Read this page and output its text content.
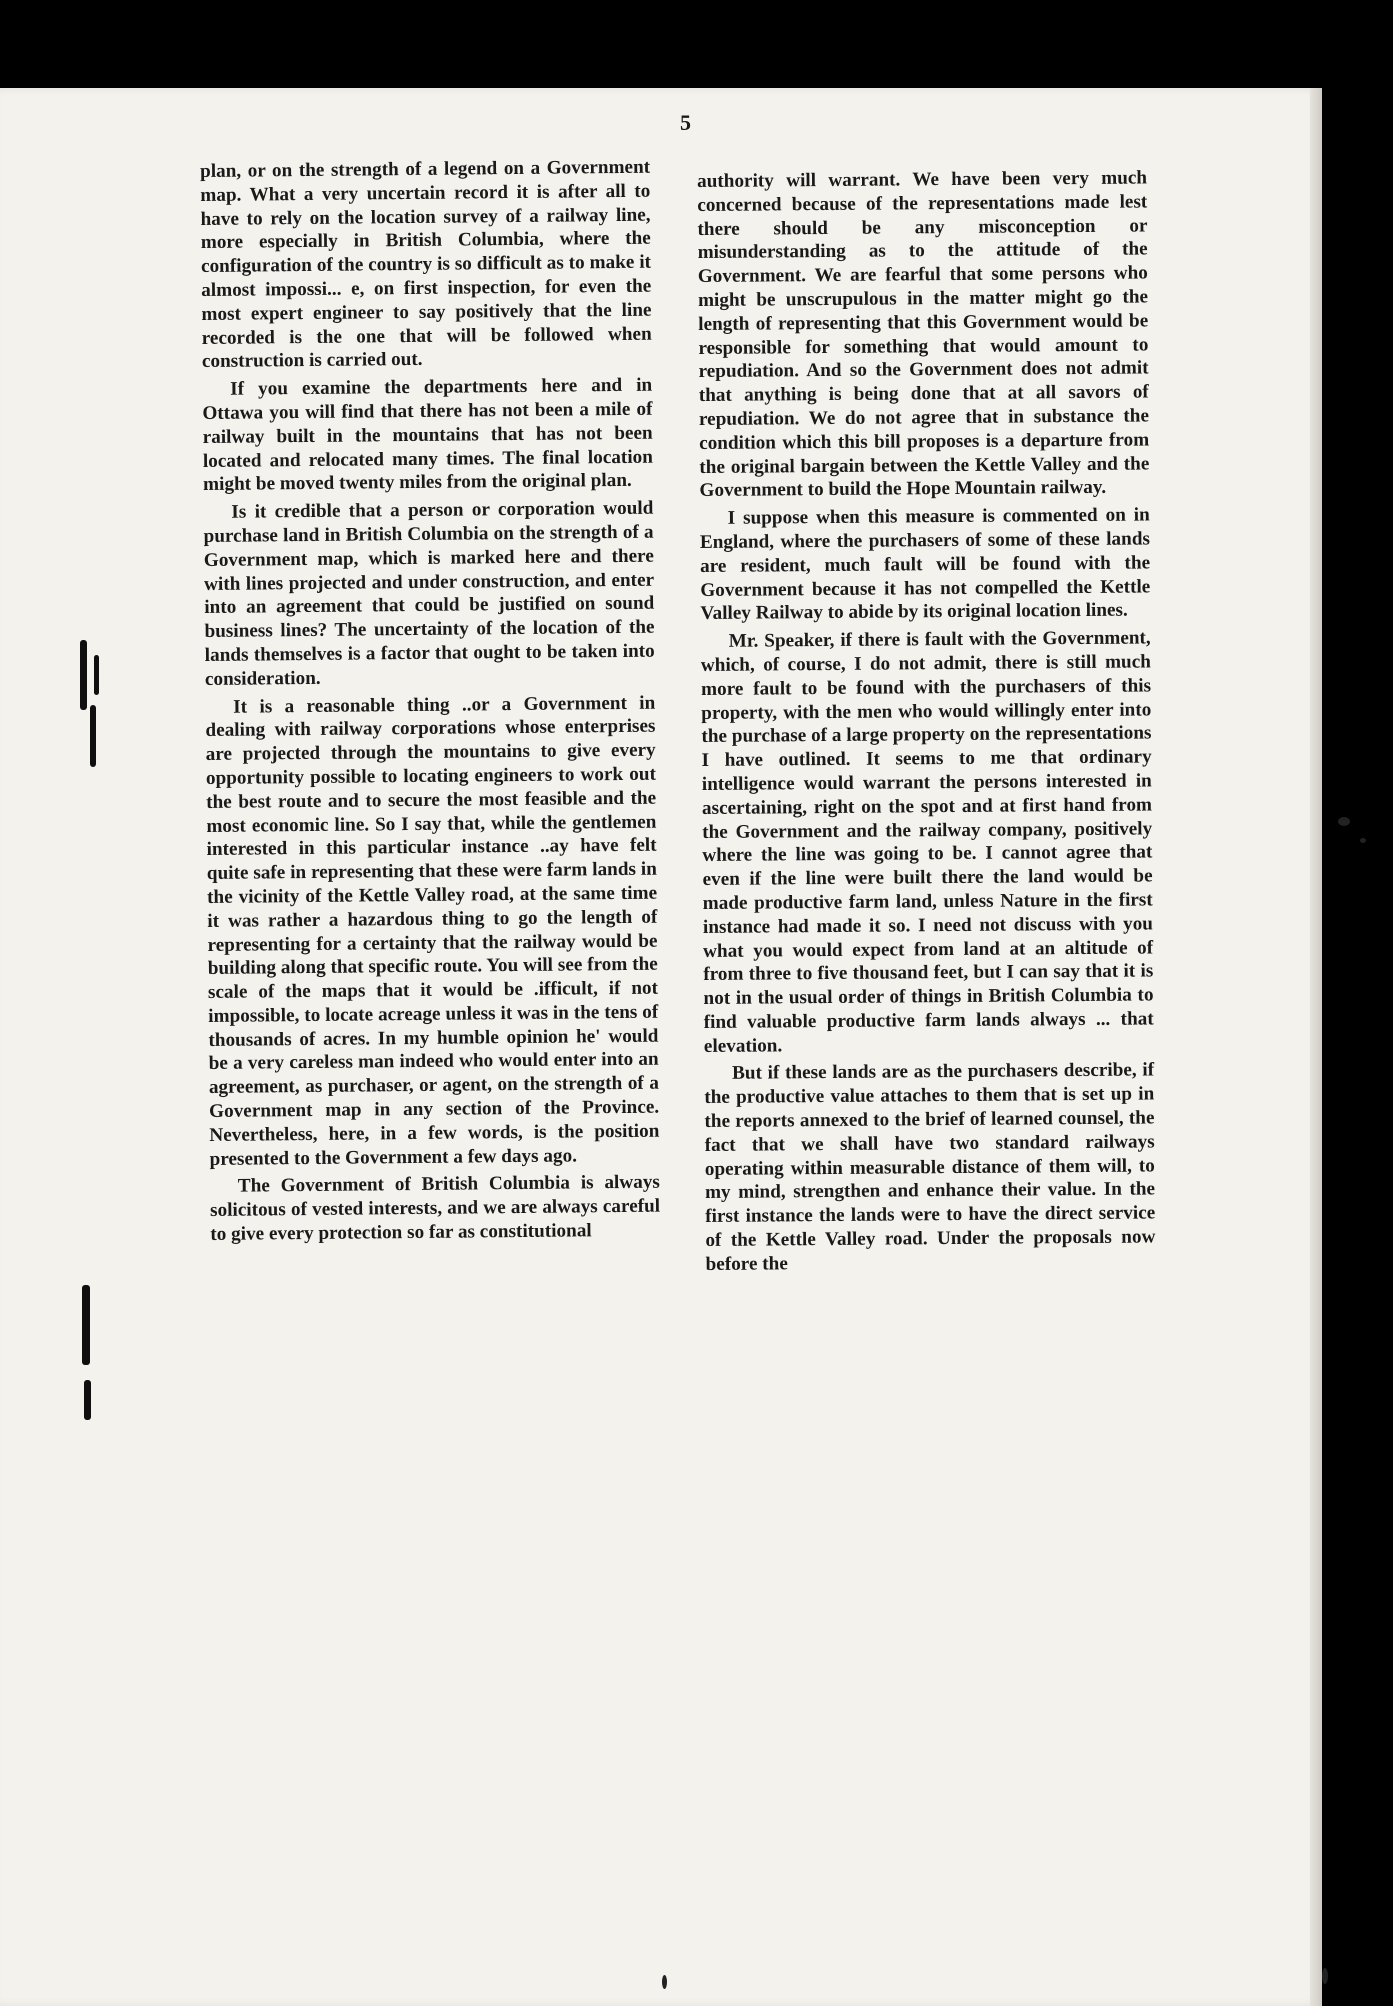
5

plan, or on the strength of a legend on a Government map. What a very uncertain record it is after all to have to rely on the location survey of a railway line, more especially in British Columbia, where the configuration of the country is so difficult as to make it almost impossi... e, on first inspection, for even the most expert engineer to say positively that the line recorded is the one that will be followed when construction is carried out.

If you examine the departments here and in Ottawa you will find that there has not been a mile of railway built in the mountains that has not been located and relocated many times. The final location might be moved twenty miles from the original plan.

Is it credible that a person or corporation would purchase land in British Columbia on the strength of a Government map, which is marked here and there with lines projected and under construction, and enter into an agreement that could be justified on sound business lines? The uncertainty of the location of the lands themselves is a factor that ought to be taken into consideration.

It is a reasonable thing ..or a Government in dealing with railway corporations whose enterprises are projected through the mountains to give every opportunity possible to locating engineers to work out the best route and to secure the most feasible and the most economic line. So I say that, while the gentlemen interested in this particular instance ..ay have felt quite safe in representing that these were farm lands in the vicinity of the Kettle Valley road, at the same time it was rather a hazardous thing to go the length of representing for a certainty that the railway would be building along that specific route. You will see from the scale of the maps that it would be .ifficult, if not impossible, to locate acreage unless it was in the tens of thousands of acres. In my humble opinion he' would be a very careless man indeed who would enter into an agreement, as purchaser, or agent, on the strength of a Government map in any section of the Province. Nevertheless, here, in a few words, is the position presented to the Government a few days ago.

The Government of British Columbia is always solicitous of vested interests, and we are always careful to give every protection so far as constitutional

authority will warrant. We have been very much concerned because of the representations made lest there should be any misconception or misunderstanding as to the attitude of the Government. We are fearful that some persons who might be unscrupulous in the matter might go the length of representing that this Government would be responsible for something that would amount to repudiation. And so the Government does not admit that anything is being done that at all savors of repudiation. We do not agree that in substance the condition which this bill proposes is a departure from the original bargain between the Kettle Valley and the Government to build the Hope Mountain railway.

I suppose when this measure is commented on in England, where the purchasers of some of these lands are resident, much fault will be found with the Government because it has not compelled the Kettle Valley Railway to abide by its original location lines.

Mr. Speaker, if there is fault with the Government, which, of course, I do not admit, there is still much more fault to be found with the purchasers of this property, with the men who would willingly enter into the purchase of a large property on the representations I have outlined. It seems to me that ordinary intelligence would warrant the persons interested in ascertaining, right on the spot and at first hand from the Government and the railway company, positively where the line was going to be. I cannot agree that even if the line were built there the land would be made productive farm land, unless Nature in the first instance had made it so. I need not discuss with you what you would expect from land at an altitude of from three to five thousand feet, but I can say that it is not in the usual order of things in British Columbia to find valuable productive farm lands always ... that elevation.

But if these lands are as the purchasers describe, if the productive value attaches to them that is set up in the reports annexed to the brief of learned counsel, the fact that we shall have two standard railways operating within measurable distance of them will, to my mind, strengthen and enhance their value. In the first instance the lands were to have the direct service of the Kettle Valley road. Under the proposals now before the
